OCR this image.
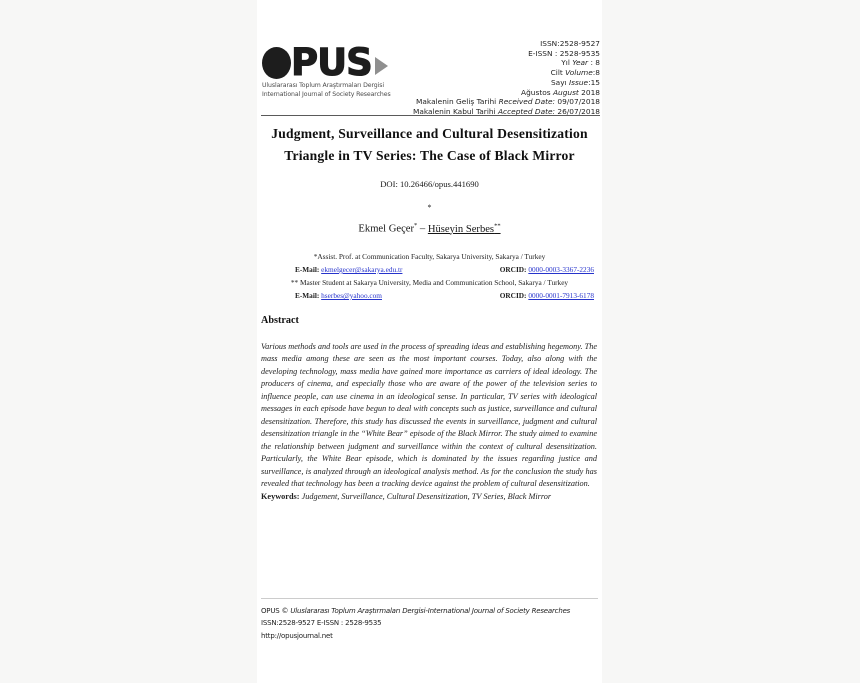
PUS
Uluslararası Toplum Araştırmaları Dergisi
International Journal of Society Researches
ISSN:2528-9527
E-ISSN : 2528-9535
Yıl Year : 8
Cilt Volume:8
Sayı Issue:15
Ağustos August 2018
Makalenin Geliş Tarihi Received Date: 09/07/2018
Makalenin Kabul Tarihi Accepted Date: 26/07/2018
Judgment, Surveillance and Cultural Desensitization
Triangle in TV Series: The Case of Black Mirror
DOI: 10.26466/opus.441690
*
Ekmel Geçer* – Hüseyin Serbes**
*Assist. Prof. at Communication Faculty, Sakarya University, Sakarya / Turkey
E-Mail: ekmelgecer@sakarya.edu.tr	ORCID: 0000-0003-3367-2236
** Master Student at Sakarya University, Media and Communication School, Sakarya / Turkey
E-Mail: hserbes@yahoo.com	ORCID: 0000-0001-7913-6178
Abstract
Various methods and tools are used in the process of spreading ideas and establishing hegemony. The mass media among these are seen as the most important courses. Today, also along with the developing technology, mass media have gained more importance as carriers of ideal ideology. The producers of cinema, and especially those who are aware of the power of the television series to influence people, can use cinema in an ideological sense. In particular, TV series with ideological messages in each episode have begun to deal with concepts such as justice, surveillance and cultural desensitization. Therefore, this study has discussed the events in surveillance, judgment and cultural desensitization triangle in the “White Bear” episode of the Black Mirror. The study aimed to examine the relationship between judgment and surveillance within the context of cultural desensitization. Particularly, the White Bear episode, which is dominated by the issues regarding justice and surveillance, is analyzed through an ideological analysis method. As for the conclusion the study has revealed that technology has been a tracking device against the problem of cultural desensitization.
Keywords: Judgement, Surveillance, Cultural Desensitization, TV Series, Black Mirror
OPUS © Uluslararası Toplum Araştırmaları Dergisi-International Journal of Society Researches
ISSN:2528-9527 E-ISSN : 2528-9535
http://opusjournal.net
